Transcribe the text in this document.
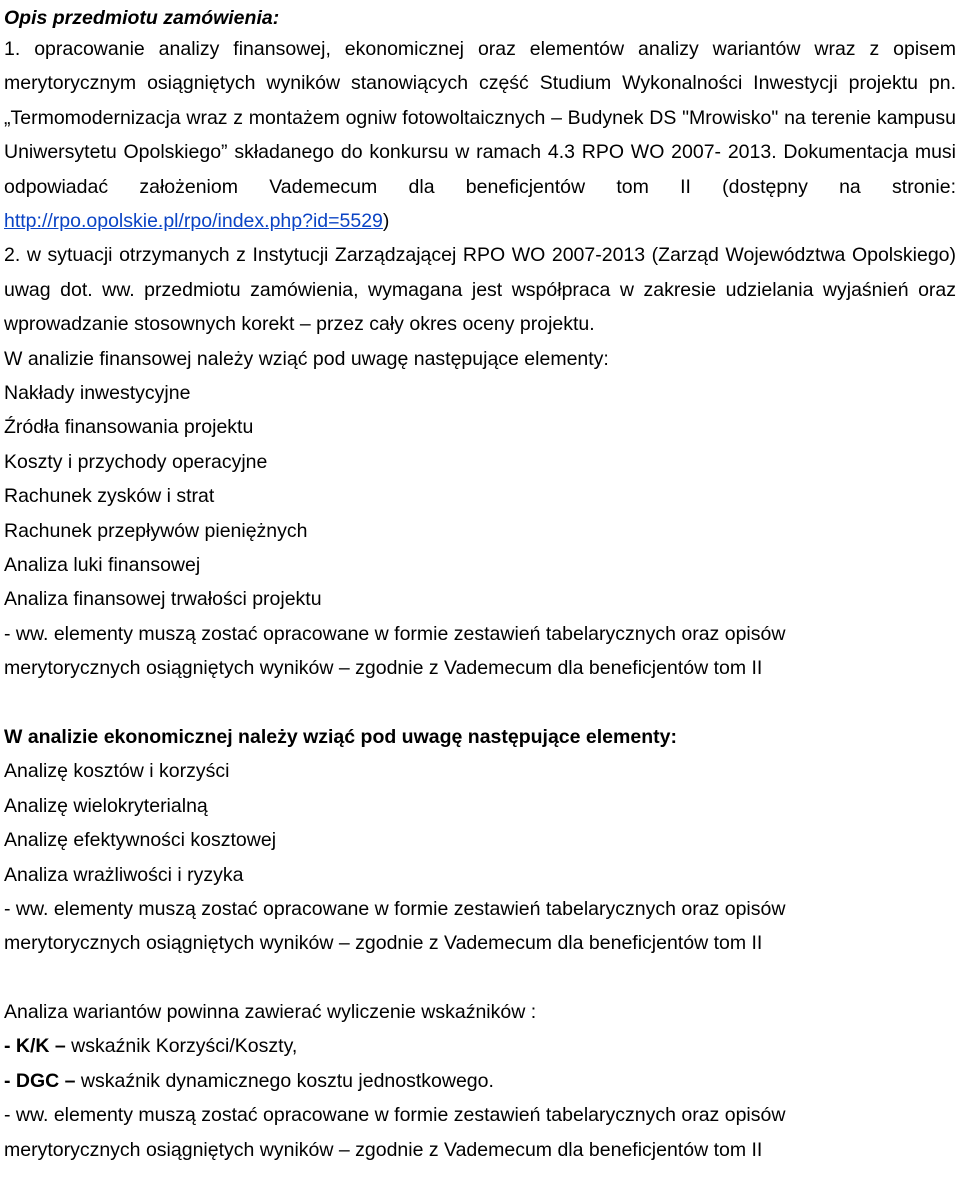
Opis przedmiotu zamówienia:

1. opracowanie analizy finansowej, ekonomicznej oraz elementów analizy wariantów wraz z opisem merytorycznym osiągniętych wyników stanowiących część Studium Wykonalności Inwestycji projektu pn. „Termomodernizacja wraz z montażem ogniw fotowoltaicznych – Budynek DS "Mrowisko" na terenie kampusu Uniwersytetu Opolskiego” składanego do konkursu w ramach 4.3 RPO WO 2007- 2013. Dokumentacja musi odpowiadać założeniom Vademecum dla beneficjentów tom II (dostępny na stronie: http://rpo.opolskie.pl/rpo/index.php?id=5529)

2. w sytuacji otrzymanych z Instytucji Zarządzającej RPO WO 2007-2013 (Zarząd Województwa Opolskiego) uwag dot. ww. przedmiotu zamówienia, wymagana jest współpraca w zakresie udzielania wyjaśnień oraz wprowadzanie stosownych korekt – przez cały okres oceny projektu.

W analizie finansowej należy wziąć pod uwagę następujące elementy:

Nakłady inwestycyjne

Źródła finansowania projektu

Koszty i przychody operacyjne

Rachunek zysków i strat

Rachunek przepływów pieniężnych

Analiza luki finansowej

Analiza finansowej trwałości projektu

- ww. elementy muszą zostać opracowane w formie zestawień tabelarycznych oraz opisów

merytorycznych osiągniętych wyników – zgodnie z Vademecum dla beneficjentów tom II

W analizie ekonomicznej należy wziąć pod uwagę następujące elementy:

Analizę kosztów i korzyści

Analizę wielokryterialną

Analizę efektywności kosztowej

Analiza wrażliwości i ryzyka

- ww. elementy muszą zostać opracowane w formie zestawień tabelarycznych oraz opisów

merytorycznych osiągniętych wyników – zgodnie z Vademecum dla beneficjentów tom II

Analiza wariantów powinna zawierać wyliczenie wskaźników :

- K/K – wskaźnik Korzyści/Koszty,

- DGC – wskaźnik dynamicznego kosztu jednostkowego.

- ww. elementy muszą zostać opracowane w formie zestawień tabelarycznych oraz opisów

merytorycznych osiągniętych wyników – zgodnie z Vademecum dla beneficjentów tom II
